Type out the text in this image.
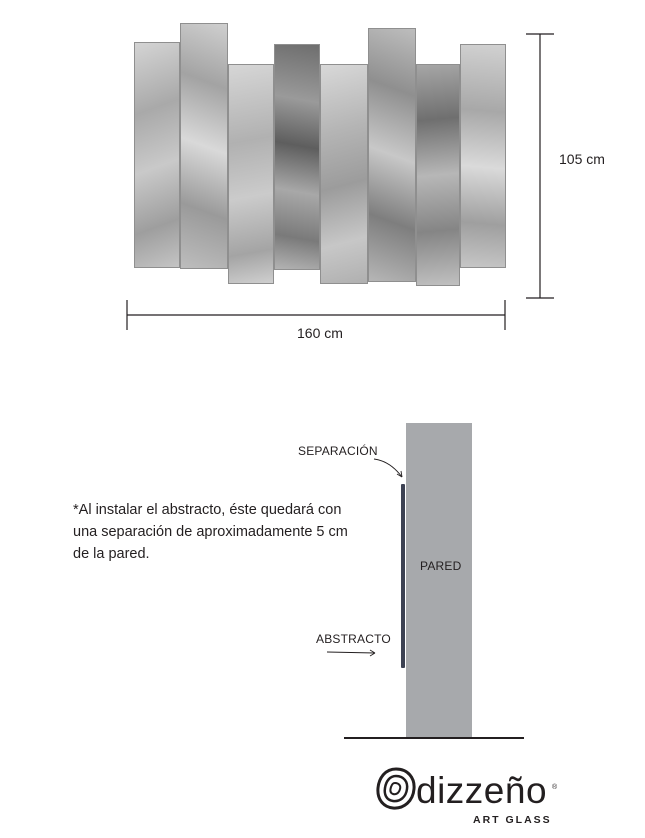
105 cm
160 cm
*Al instalar el abstracto, éste quedará con una separación de aproximadamente 5 cm de la pared.
PARED
SEPARACIÓN
ABSTRACTO
dizzeño ®
ART GLASS
